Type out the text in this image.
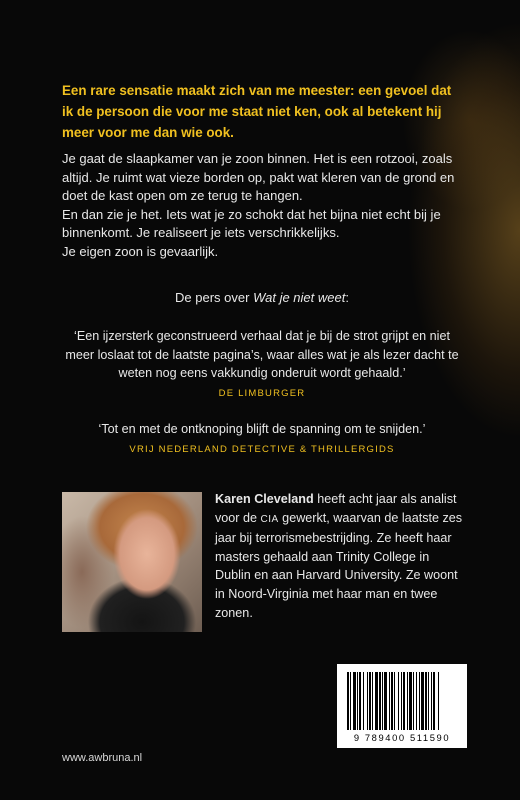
Een rare sensatie maakt zich van me meester: een gevoel dat ik de persoon die voor me staat niet ken, ook al betekent hij meer voor me dan wie ook.

Je gaat de slaapkamer van je zoon binnen. Het is een rotzooi, zoals altijd. Je ruimt wat vieze borden op, pakt wat kleren van de grond en doet de kast open om ze terug te hangen.

En dan zie je het. Iets wat je zo schokt dat het bijna niet echt bij je binnenkomt. Je realiseert je iets verschrikkelijks.

Je eigen zoon is gevaarlijk.

De pers over Wat je niet weet:
‘Een ijzersterk geconstrueerd verhaal dat je bij de strot grijpt en niet meer loslaat tot de laatste pagina’s, waar alles wat je als lezer dacht te weten nog eens vakkundig onderuit wordt gehaald.’
DE LIMBURGER
‘Tot en met de ontknoping blijft de spanning om te snijden.’
VRIJ NEDERLAND DETECTIVE & THRILLERGIDS

Karen Cleveland heeft acht jaar als analist voor de CIA gewerkt, waarvan de laatste zes jaar bij terrorismebestrijding. Ze heeft haar masters gehaald aan Trinity College in Dublin en aan Harvard University. Ze woont in Noord-Virginia met haar man en twee zonen.

9 789400 511590
www.awbruna.nl
